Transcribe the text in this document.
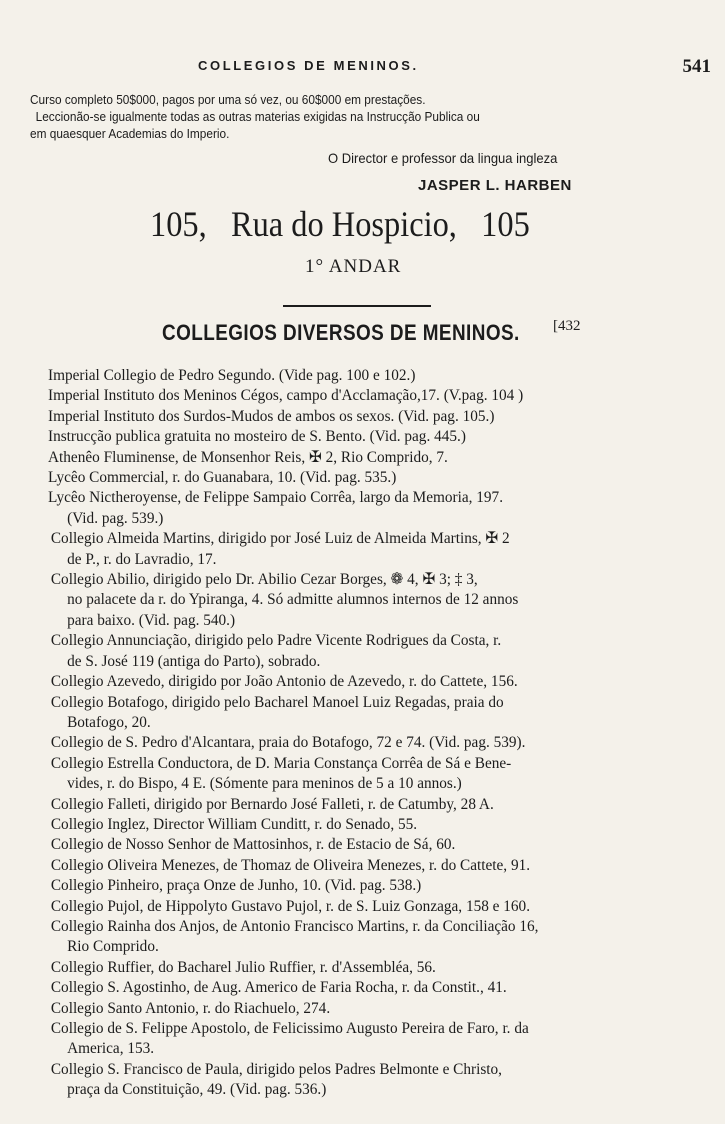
COLLEGIOS DE MENINOS.	541

Curso completo 50$000, pagos por uma só vez, ou 60$000 em prestações.

Leccionão-se igualmente todas as outras materias exigidas na Instrucção Publica ou

em quaesquer Academias do Imperio.

O Director e professor da lingua ingleza
JASPER L. HARBEN
105,   Rua do Hospicio,   105
1° ANDAR
COLLEGIOS DIVERSOS DE MENINOS. [432

Imperial Collegio de Pedro Segundo. (Vide pag. 100 e 102.)

Imperial Instituto dos Meninos Cégos, campo d'Acclamação,17. (V.pag. 104 )

Imperial Instituto dos Surdos-Mudos de ambos os sexos. (Vid. pag. 105.)

Instrucção publica gratuita no mosteiro de S. Bento. (Vid. pag. 445.)

Athenêo Fluminense, de Monsenhor Reis, ✠ 2, Rio Comprido, 7.

Lycêo Commercial, r. do Guanabara, 10. (Vid. pag. 535.)

Lycêo Nictheroyense, de Felippe Sampaio Corrêa, largo da Memoria, 197.
(Vid. pag. 539.)

Collegio Almeida Martins, dirigido por José Luiz de Almeida Martins, ✠ 2
de P., r. do Lavradio, 17.

Collegio Abilio, dirigido pelo Dr. Abilio Cezar Borges, ❁ 4, ✠ 3; ‡ 3,
no palacete da r. do Ypiranga, 4. Só admitte alumnos internos de 12 annos
para baixo. (Vid. pag. 540.)

Collegio Annunciação, dirigido pelo Padre Vicente Rodrigues da Costa, r.
de S. José 119 (antiga do Parto), sobrado.

Collegio Azevedo, dirigido por João Antonio de Azevedo, r. do Cattete, 156.

Collegio Botafogo, dirigido pelo Bacharel Manoel Luiz Regadas, praia do
Botafogo, 20.

Collegio de S. Pedro d'Alcantara, praia do Botafogo, 72 e 74. (Vid. pag. 539).

Collegio Estrella Conductora, de D. Maria Constança Corrêa de Sá e Bene-
vides, r. do Bispo, 4 E. (Sómente para meninos de 5 a 10 annos.)

Collegio Falleti, dirigido por Bernardo José Falleti, r. de Catumby, 28 A.

Collegio Inglez, Director William Cunditt, r. do Senado, 55.

Collegio de Nosso Senhor de Mattosinhos, r. de Estacio de Sá, 60.

Collegio Oliveira Menezes, de Thomaz de Oliveira Menezes, r. do Cattete, 91.

Collegio Pinheiro, praça Onze de Junho, 10. (Vid. pag. 538.)

Collegio Pujol, de Hippolyto Gustavo Pujol, r. de S. Luiz Gonzaga, 158 e 160.

Collegio Rainha dos Anjos, de Antonio Francisco Martins, r. da Conciliação 16,
Rio Comprido.

Collegio Ruffier, do Bacharel Julio Ruffier, r. d'Assembléa, 56.

Collegio S. Agostinho, de Aug. Americo de Faria Rocha, r. da Constit., 41.

Collegio Santo Antonio, r. do Riachuelo, 274.

Collegio de S. Felippe Apostolo, de Felicissimo Augusto Pereira de Faro, r. da
America, 153.

Collegio S. Francisco de Paula, dirigido pelos Padres Belmonte e Christo,
praça da Constituição, 49. (Vid. pag. 536.)
